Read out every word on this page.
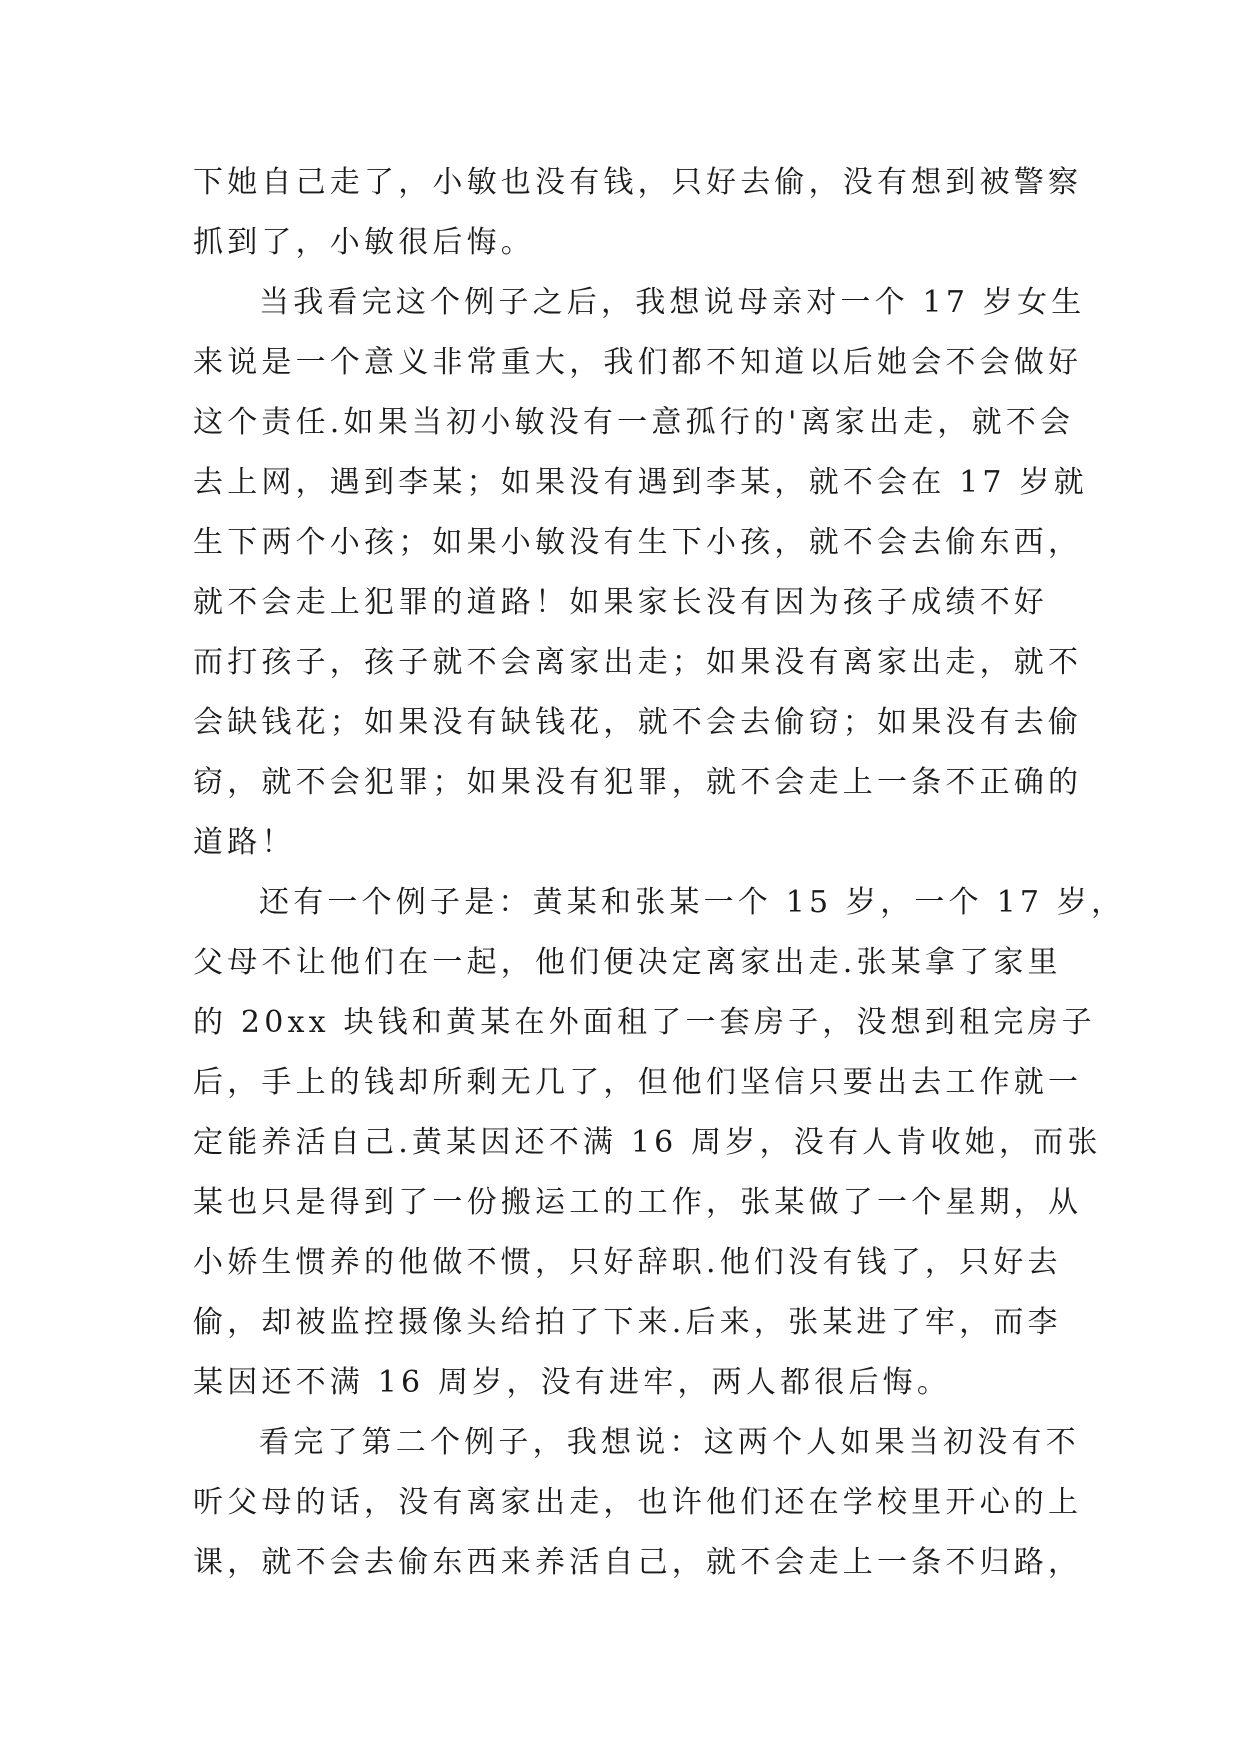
下她自己走了，小敏也没有钱，只好去偷，没有想到被警察
抓到了，小敏很后悔。
当我看完这个例子之后，我想说母亲对一个 17 岁女生
来说是一个意义非常重大，我们都不知道以后她会不会做好
这个责任.如果当初小敏没有一意孤行的'离家出走，就不会
去上网，遇到李某；如果没有遇到李某，就不会在 17 岁就
生下两个小孩；如果小敏没有生下小孩，就不会去偷东西，
就不会走上犯罪的道路！如果家长没有因为孩子成绩不好
而打孩子，孩子就不会离家出走；如果没有离家出走，就不
会缺钱花；如果没有缺钱花，就不会去偷窃；如果没有去偷
窃，就不会犯罪；如果没有犯罪，就不会走上一条不正确的
道路！
还有一个例子是：黄某和张某一个 15 岁，一个 17 岁，
父母不让他们在一起，他们便决定离家出走.张某拿了家里
的 20xx 块钱和黄某在外面租了一套房子，没想到租完房子
后，手上的钱却所剩无几了，但他们坚信只要出去工作就一
定能养活自己.黄某因还不满 16 周岁，没有人肯收她，而张
某也只是得到了一份搬运工的工作，张某做了一个星期，从
小娇生惯养的他做不惯，只好辞职.他们没有钱了，只好去
偷，却被监控摄像头给拍了下来.后来，张某进了牢，而李
某因还不满 16 周岁，没有进牢，两人都很后悔。
看完了第二个例子，我想说：这两个人如果当初没有不
听父母的话，没有离家出走，也许他们还在学校里开心的上
课，就不会去偷东西来养活自己，就不会走上一条不归路，
